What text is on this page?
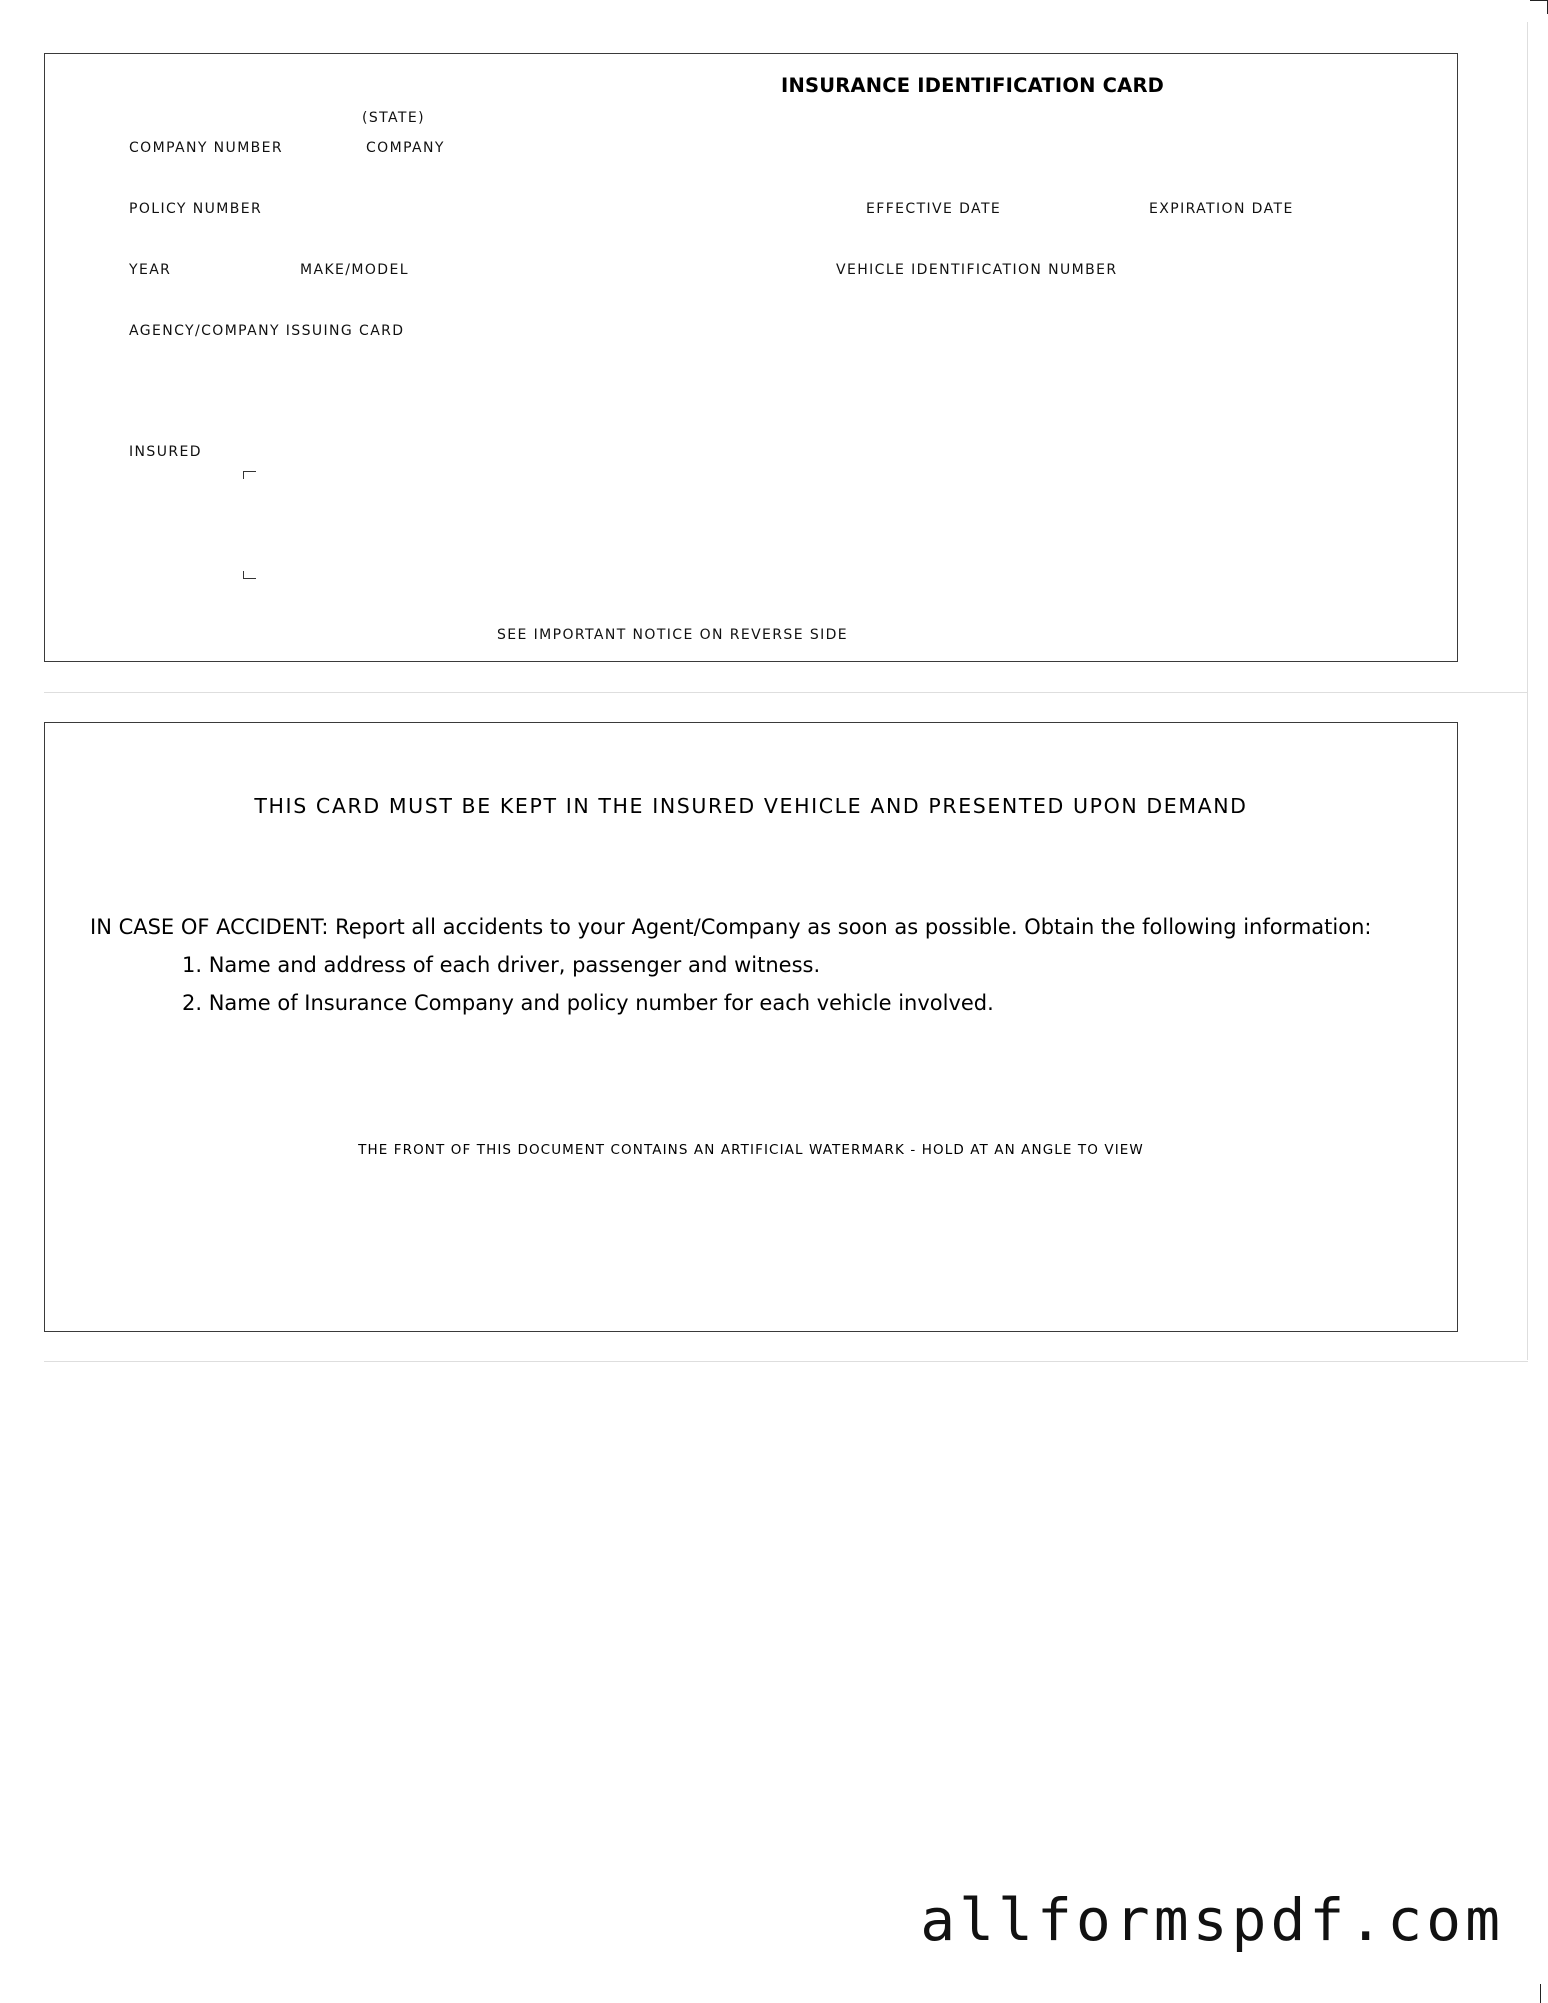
INSURANCE IDENTIFICATION CARD
(STATE)
COMPANY NUMBER	COMPANY
POLICY NUMBER	EFFECTIVE DATE	EXPIRATION DATE
YEAR	MAKE/MODEL	VEHICLE IDENTIFICATION NUMBER
AGENCY/COMPANY ISSUING CARD
INSURED
SEE IMPORTANT NOTICE ON REVERSE SIDE
THIS CARD MUST BE KEPT IN THE INSURED VEHICLE AND PRESENTED UPON DEMAND
IN CASE OF ACCIDENT: Report all accidents to your Agent/Company as soon as possible. Obtain the following information:
1. Name and address of each driver, passenger and witness.
2. Name of Insurance Company and policy number for each vehicle involved.
THE FRONT OF THIS DOCUMENT CONTAINS AN ARTIFICIAL WATERMARK - HOLD AT AN ANGLE TO VIEW
allformspdf.com
